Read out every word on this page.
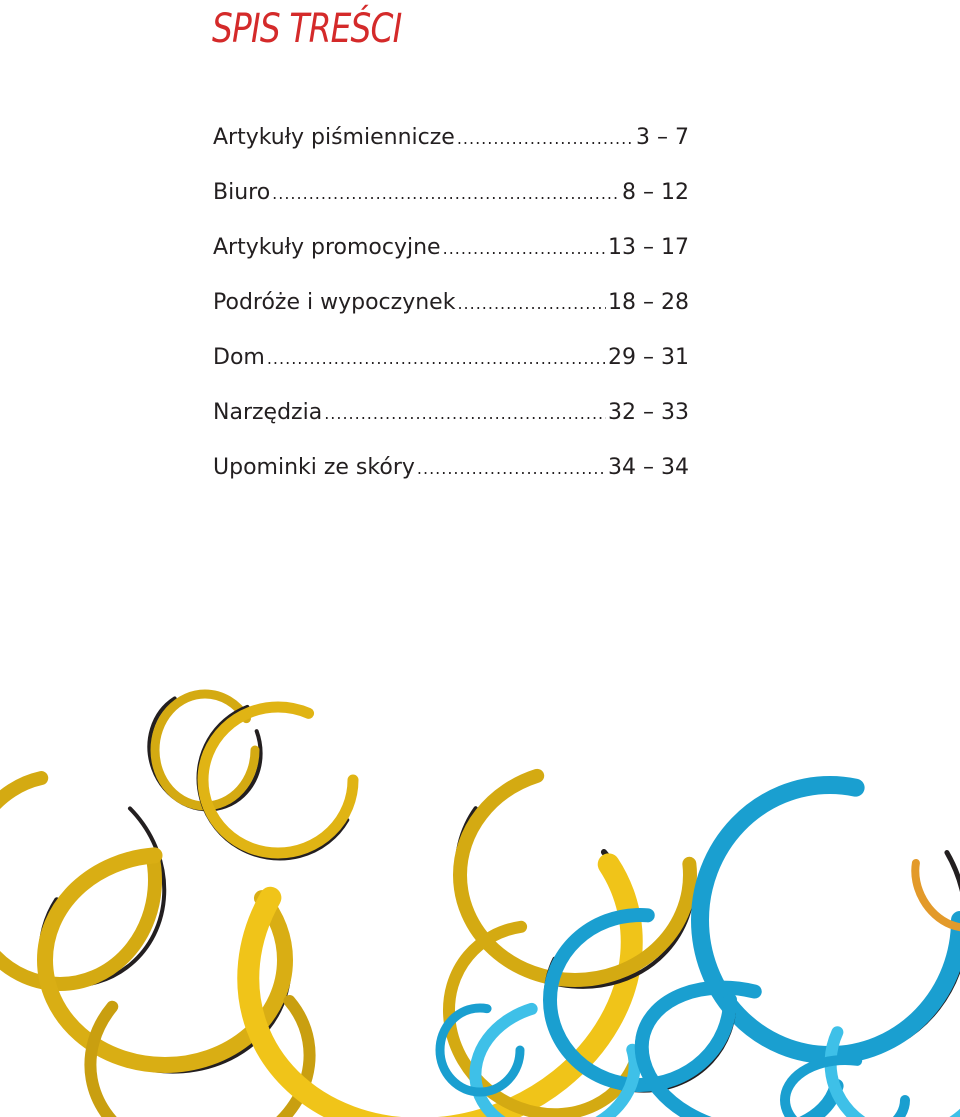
SPIS TREŚCI
Artykuły piśmiennicze .....	3 – 7
Biuro .....	8 – 12
Artykuły promocyjne .....	13 – 17
Podróże i wypoczynek .....	18 – 28
Dom .....	29 – 31
Narzędzia .....	32 – 33
Upominki ze skóry .....	34 – 34
